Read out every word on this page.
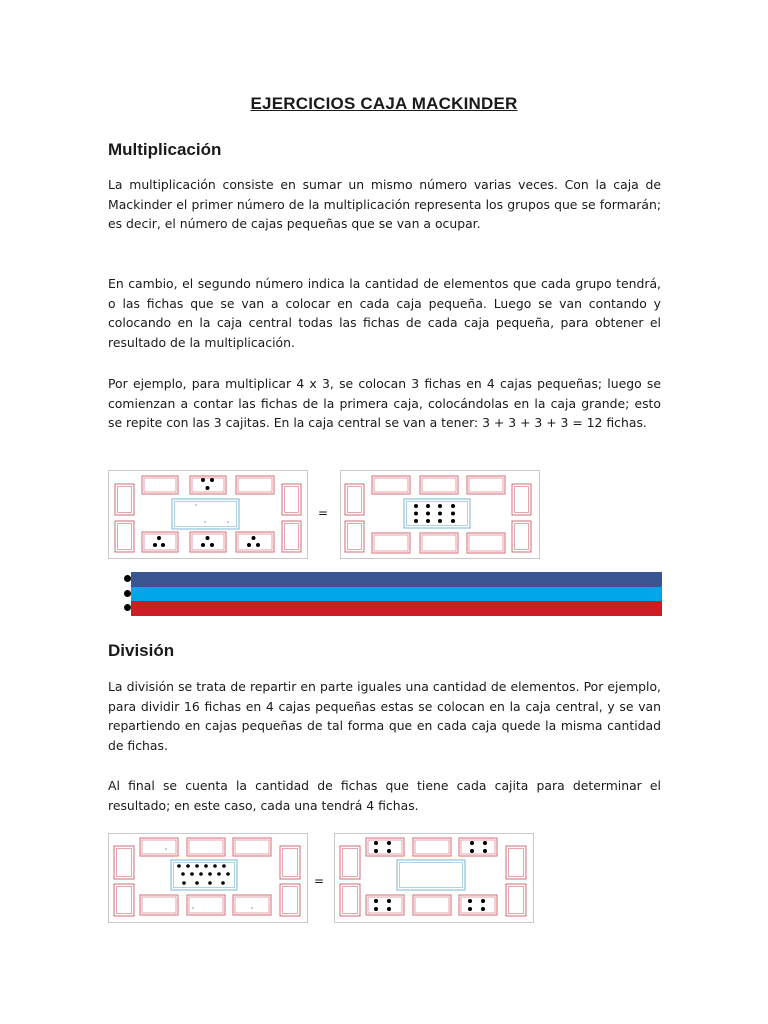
EJERCICIOS CAJA MACKINDER
Multiplicación
La multiplicación consiste en sumar un mismo número varias veces. Con la caja de Mackinder el primer número de la multiplicación representa los grupos que se formarán; es decir, el número de cajas pequeñas que se van a ocupar.
En cambio, el segundo número indica la cantidad de elementos que cada grupo tendrá, o las fichas que se van a colocar en cada caja pequeña. Luego se van contando y colocando en la caja central todas las fichas de cada caja pequeña, para obtener el resultado de la multiplicación.
Por ejemplo, para multiplicar 4 x 3, se colocan 3 fichas en 4 cajas pequeñas; luego se comienzan a contar las fichas de la primera caja, colocándolas en la caja grande; esto se repite con las 3 cajitas. En la caja central se van a tener: 3 + 3 + 3 + 3 = 12 fichas.
=
División
La división se trata de repartir en parte iguales una cantidad de elementos. Por ejemplo, para dividir 16 fichas en 4 cajas pequeñas estas se colocan en la caja central, y se van repartiendo en cajas pequeñas de tal forma que en cada caja quede la misma cantidad de fichas.
Al final se cuenta la cantidad de fichas que tiene cada cajita para determinar el resultado; en este caso, cada una tendrá 4 fichas.
=
